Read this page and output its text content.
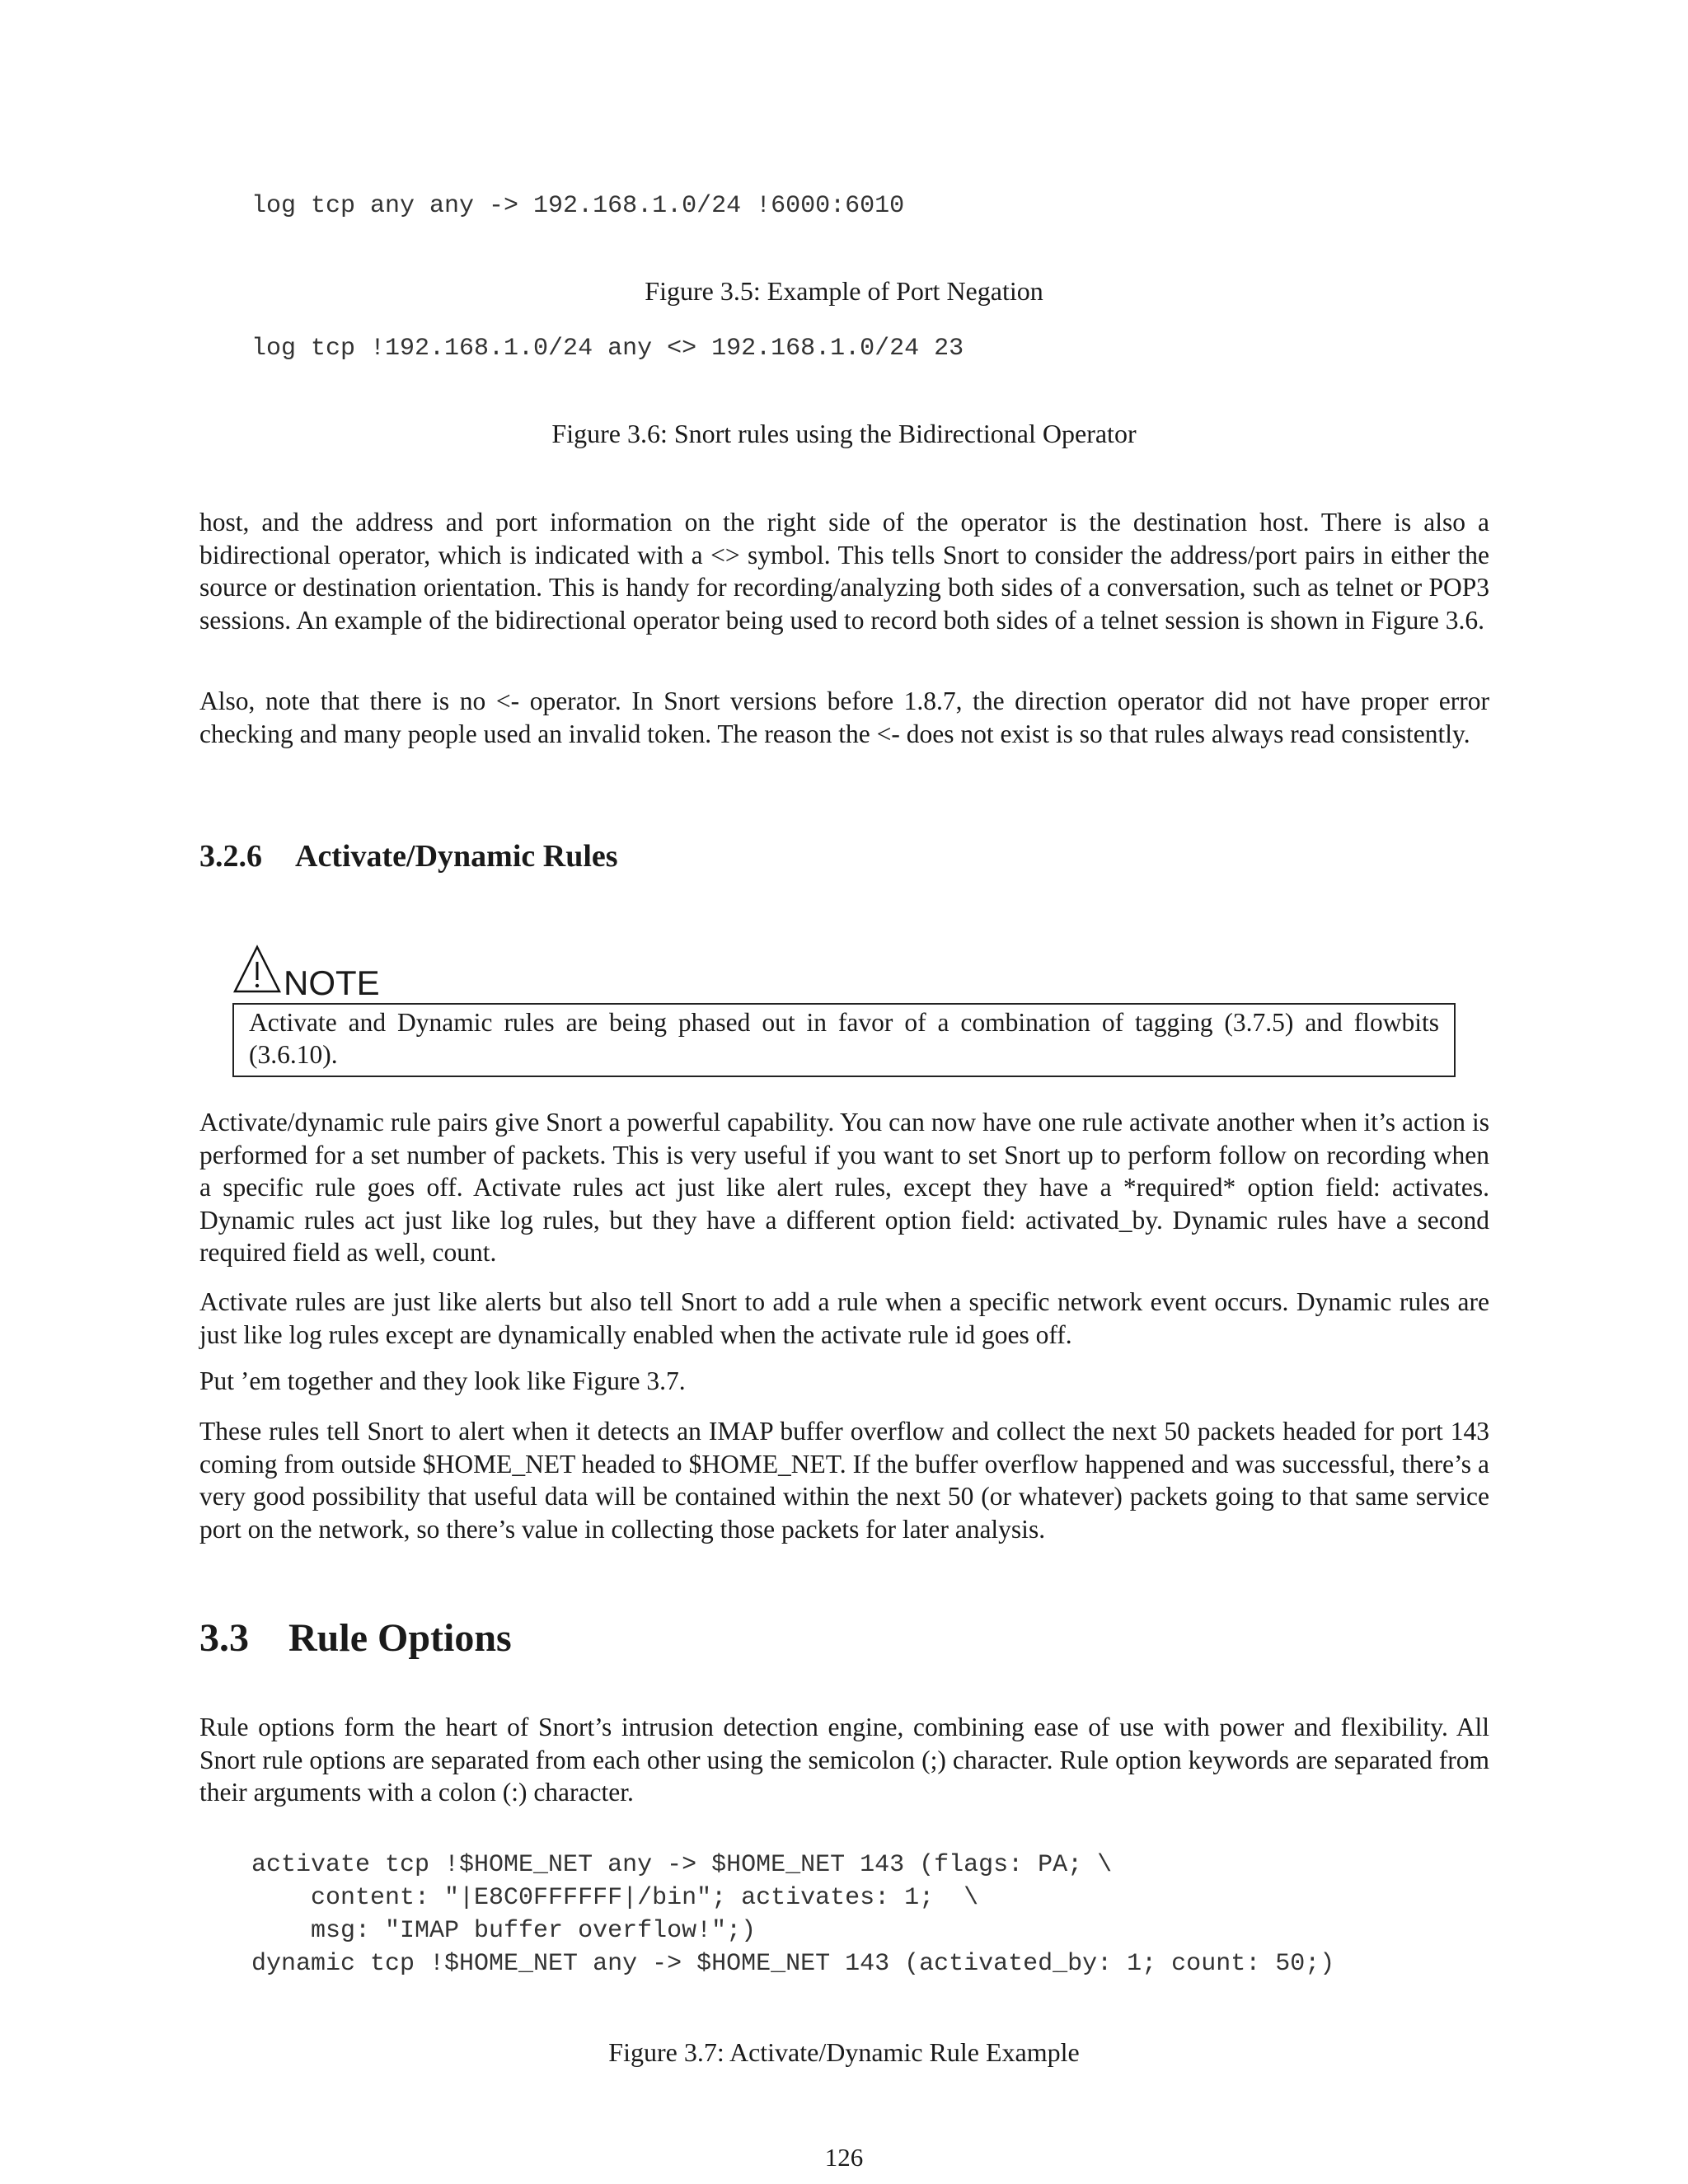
log tcp any any -> 192.168.1.0/24 !6000:6010
Figure 3.5: Example of Port Negation
log tcp !192.168.1.0/24 any <> 192.168.1.0/24 23
Figure 3.6: Snort rules using the Bidirectional Operator

host, and the address and port information on the right side of the operator is the destination host. There is also a bidirectional operator, which is indicated with a <> symbol. This tells Snort to consider the address/port pairs in either the source or destination orientation. This is handy for recording/analyzing both sides of a conversation, such as telnet or POP3 sessions. An example of the bidirectional operator being used to record both sides of a telnet session is shown in Figure 3.6.

Also, note that there is no <- operator. In Snort versions before 1.8.7, the direction operator did not have proper error checking and many people used an invalid token. The reason the <- does not exist is so that rules always read consistently.

3.2.6 Activate/Dynamic Rules
NOTE
Activate and Dynamic rules are being phased out in favor of a combination of tagging (3.7.5) and flowbits (3.6.10).

Activate/dynamic rule pairs give Snort a powerful capability. You can now have one rule activate another when it’s action is performed for a set number of packets. This is very useful if you want to set Snort up to perform follow on recording when a specific rule goes off. Activate rules act just like alert rules, except they have a *required* option field: activates. Dynamic rules act just like log rules, but they have a different option field: activated_by. Dynamic rules have a second required field as well, count.

Activate rules are just like alerts but also tell Snort to add a rule when a specific network event occurs. Dynamic rules are just like log rules except are dynamically enabled when the activate rule id goes off.

Put ’em together and they look like Figure 3.7.

These rules tell Snort to alert when it detects an IMAP buffer overflow and collect the next 50 packets headed for port 143 coming from outside $HOME_NET headed to $HOME_NET. If the buffer overflow happened and was successful, there’s a very good possibility that useful data will be contained within the next 50 (or whatever) packets going to that same service port on the network, so there’s value in collecting those packets for later analysis.

3.3 Rule Options

Rule options form the heart of Snort’s intrusion detection engine, combining ease of use with power and flexibility. All Snort rule options are separated from each other using the semicolon (;) character. Rule option keywords are separated from their arguments with a colon (:) character.

activate tcp !$HOME_NET any -> $HOME_NET 143 (flags: PA; \
content: "|E8C0FFFFFF|/bin"; activates: 1;  \
msg: "IMAP buffer overflow!";)
dynamic tcp !$HOME_NET any -> $HOME_NET 143 (activated_by: 1; count: 50;)
Figure 3.7: Activate/Dynamic Rule Example
126
